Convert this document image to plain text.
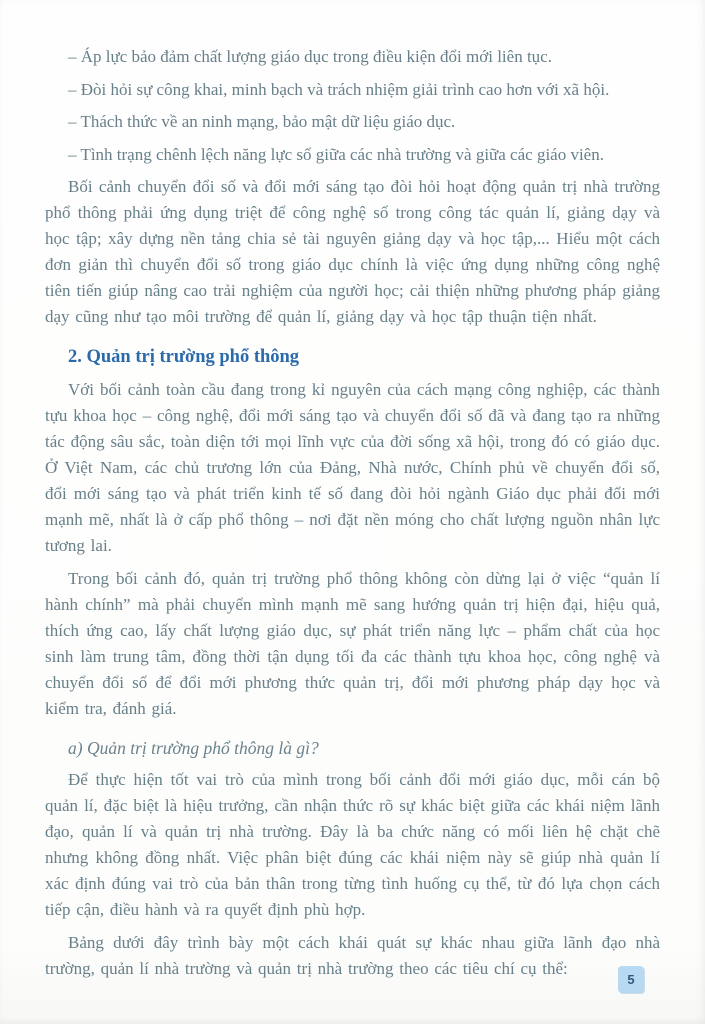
– Áp lực bảo đảm chất lượng giáo dục trong điều kiện đổi mới liên tục.

– Đòi hỏi sự công khai, minh bạch và trách nhiệm giải trình cao hơn với xã hội.

– Thách thức về an ninh mạng, bảo mật dữ liệu giáo dục.

– Tình trạng chênh lệch năng lực số giữa các nhà trường và giữa các giáo viên.

Bối cảnh chuyển đổi số và đổi mới sáng tạo đòi hỏi hoạt động quản trị nhà trường phổ thông phải ứng dụng triệt để công nghệ số trong công tác quản lí, giảng dạy và học tập; xây dựng nền tảng chia sẻ tài nguyên giảng dạy và học tập,... Hiểu một cách đơn giản thì chuyển đổi số trong giáo dục chính là việc ứng dụng những công nghệ tiên tiến giúp nâng cao trải nghiệm của người học; cải thiện những phương pháp giảng dạy cũng như tạo môi trường để quản lí, giảng dạy và học tập thuận tiện nhất.

2. Quản trị trường phổ thông

Với bối cảnh toàn cầu đang trong kỉ nguyên của cách mạng công nghiệp, các thành tựu khoa học – công nghệ, đổi mới sáng tạo và chuyển đổi số đã và đang tạo ra những tác động sâu sắc, toàn diện tới mọi lĩnh vực của đời sống xã hội, trong đó có giáo dục. Ở Việt Nam, các chủ trương lớn của Đảng, Nhà nước, Chính phủ về chuyển đổi số, đổi mới sáng tạo và phát triển kinh tế số đang đòi hỏi ngành Giáo dục phải đổi mới mạnh mẽ, nhất là ở cấp phổ thông – nơi đặt nền móng cho chất lượng nguồn nhân lực tương lai.

Trong bối cảnh đó, quản trị trường phổ thông không còn dừng lại ở việc “quản lí hành chính” mà phải chuyển mình mạnh mẽ sang hướng quản trị hiện đại, hiệu quả, thích ứng cao, lấy chất lượng giáo dục, sự phát triển năng lực – phẩm chất của học sinh làm trung tâm, đồng thời tận dụng tối đa các thành tựu khoa học, công nghệ và chuyển đổi số để đổi mới phương thức quản trị, đổi mới phương pháp dạy học và kiểm tra, đánh giá.

a) Quản trị trường phổ thông là gì?

Để thực hiện tốt vai trò của mình trong bối cảnh đổi mới giáo dục, mỗi cán bộ quản lí, đặc biệt là hiệu trưởng, cần nhận thức rõ sự khác biệt giữa các khái niệm lãnh đạo, quản lí và quản trị nhà trường. Đây là ba chức năng có mối liên hệ chặt chẽ nhưng không đồng nhất. Việc phân biệt đúng các khái niệm này sẽ giúp nhà quản lí xác định đúng vai trò của bản thân trong từng tình huống cụ thể, từ đó lựa chọn cách tiếp cận, điều hành và ra quyết định phù hợp.

Bảng dưới đây trình bày một cách khái quát sự khác nhau giữa lãnh đạo nhà trường, quản lí nhà trường và quản trị nhà trường theo các tiêu chí cụ thể:

5
